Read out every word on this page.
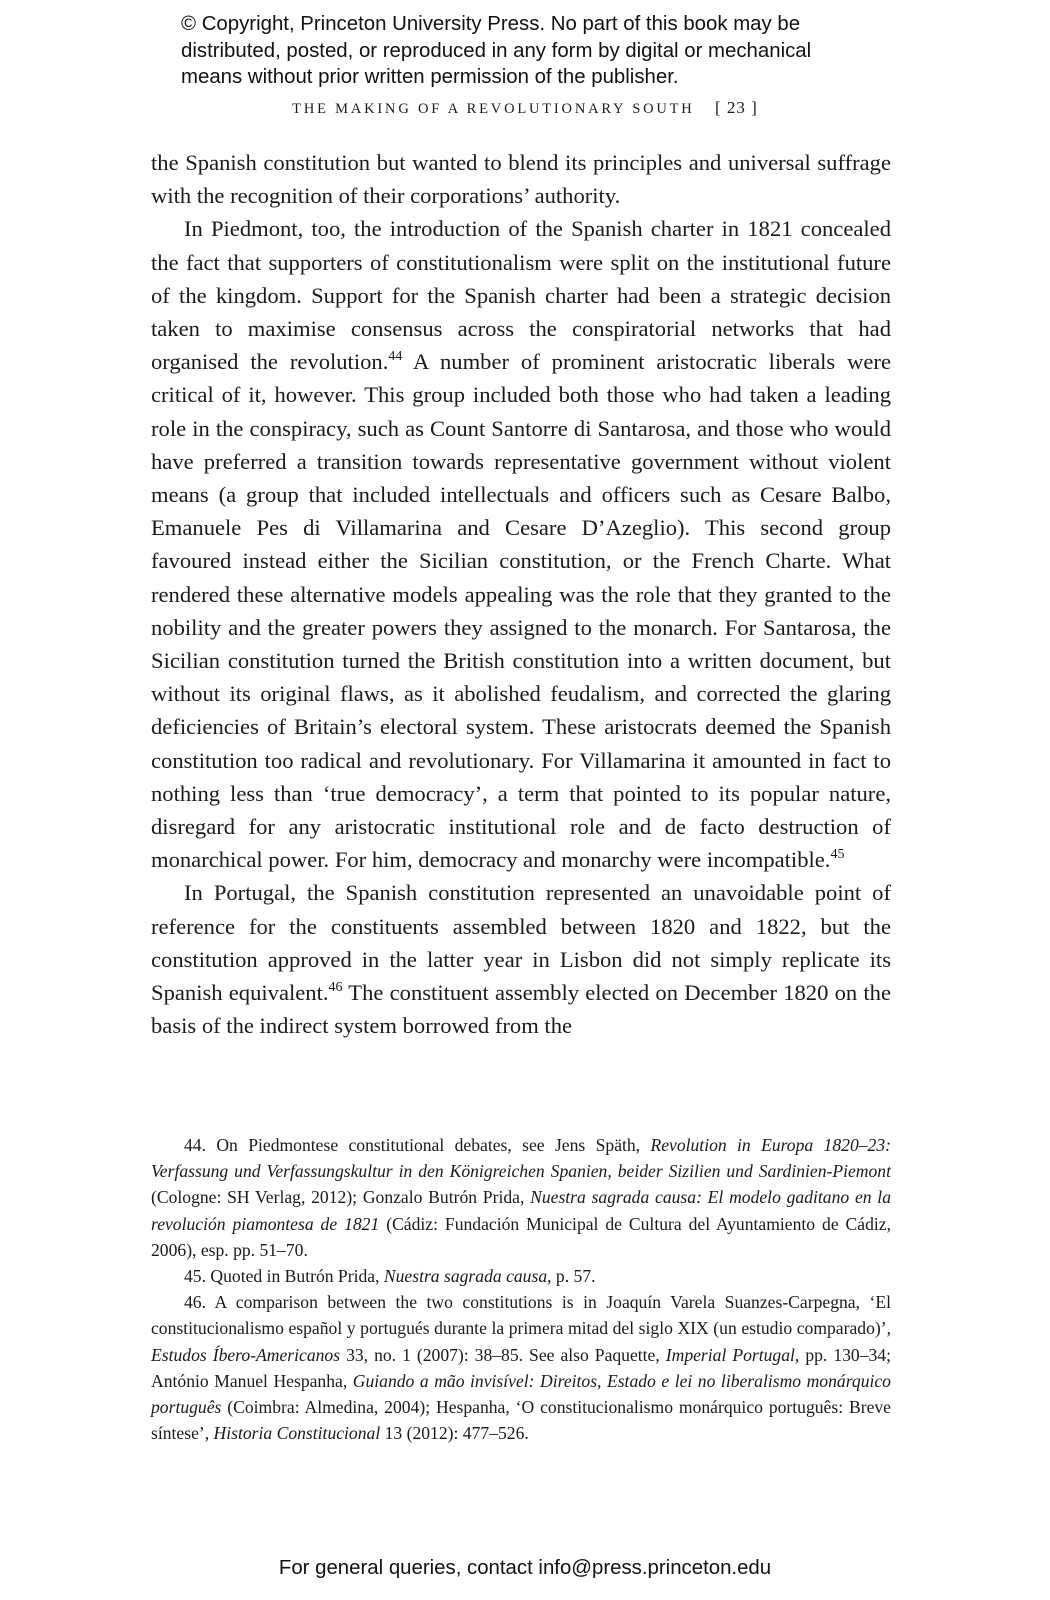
© Copyright, Princeton University Press. No part of this book may be
distributed, posted, or reproduced in any form by digital or mechanical
means without prior written permission of the publisher.
THE MAKING OF A REVOLUTIONARY SOUTH [ 23 ]

the Spanish constitution but wanted to blend its principles and universal suffrage with the recognition of their corporations’ authority.

In Piedmont, too, the introduction of the Spanish charter in 1821 concealed the fact that supporters of constitutionalism were split on the institutional future of the kingdom. Support for the Spanish charter had been a strategic decision taken to maximise consensus across the conspiratorial networks that had organised the revolution.$^{44}$ A number of prominent aristocratic liberals were critical of it, however. This group included both those who had taken a leading role in the conspiracy, such as Count Santorre di Santarosa, and those who would have preferred a transition towards representative government without violent means (a group that included intellectuals and officers such as Cesare Balbo, Emanuele Pes di Villamarina and Cesare D’Azeglio). This second group favoured instead either the Sicilian constitution, or the French Charte. What rendered these alternative models appealing was the role that they granted to the nobility and the greater powers they assigned to the monarch. For Santarosa, the Sicilian constitution turned the British constitution into a written document, but without its original flaws, as it abolished feudalism, and corrected the glaring deficiencies of Britain’s electoral system. These aristocrats deemed the Spanish constitution too radical and revolutionary. For Villamarina it amounted in fact to nothing less than ‘true democracy’, a term that pointed to its popular nature, disregard for any aristocratic institutional role and de facto destruction of monarchical power. For him, democracy and monarchy were incompatible.$^{45}$

In Portugal, the Spanish constitution represented an unavoidable point of reference for the constituents assembled between 1820 and 1822, but the constitution approved in the latter year in Lisbon did not simply replicate its Spanish equivalent.$^{46}$ The constituent assembly elected on December 1820 on the basis of the indirect system borrowed from the

44. On Piedmontese constitutional debates, see Jens Späth, Revolution in Europa 1820–23: Verfassung und Verfassungskultur in den Königreichen Spanien, beider Sizilien und Sardinien-Piemont (Cologne: SH Verlag, 2012); Gonzalo Butrón Prida, Nuestra sagrada causa: El modelo gaditano en la revolución piamontesa de 1821 (Cádiz: Fundación Municipal de Cultura del Ayuntamiento de Cádiz, 2006), esp. pp. 51–70.

45. Quoted in Butrón Prida, Nuestra sagrada causa, p. 57.

46. A comparison between the two constitutions is in Joaquín Varela Suanzes-Carpegna, ‘El constitucionalismo español y portugués durante la primera mitad del siglo XIX (un estudio comparado)’, Estudos Íbero-Americanos 33, no. 1 (2007): 38–85. See also Paquette, Imperial Portugal, pp. 130–34; António Manuel Hespanha, Guiando a mão invisível: Direitos, Estado e lei no liberalismo monárquico português (Coimbra: Almedina, 2004); Hespanha, ‘O constitucionalismo monárquico português: Breve síntese’, Historia Constitucional 13 (2012): 477–526.

For general queries, contact info@press.princeton.edu
